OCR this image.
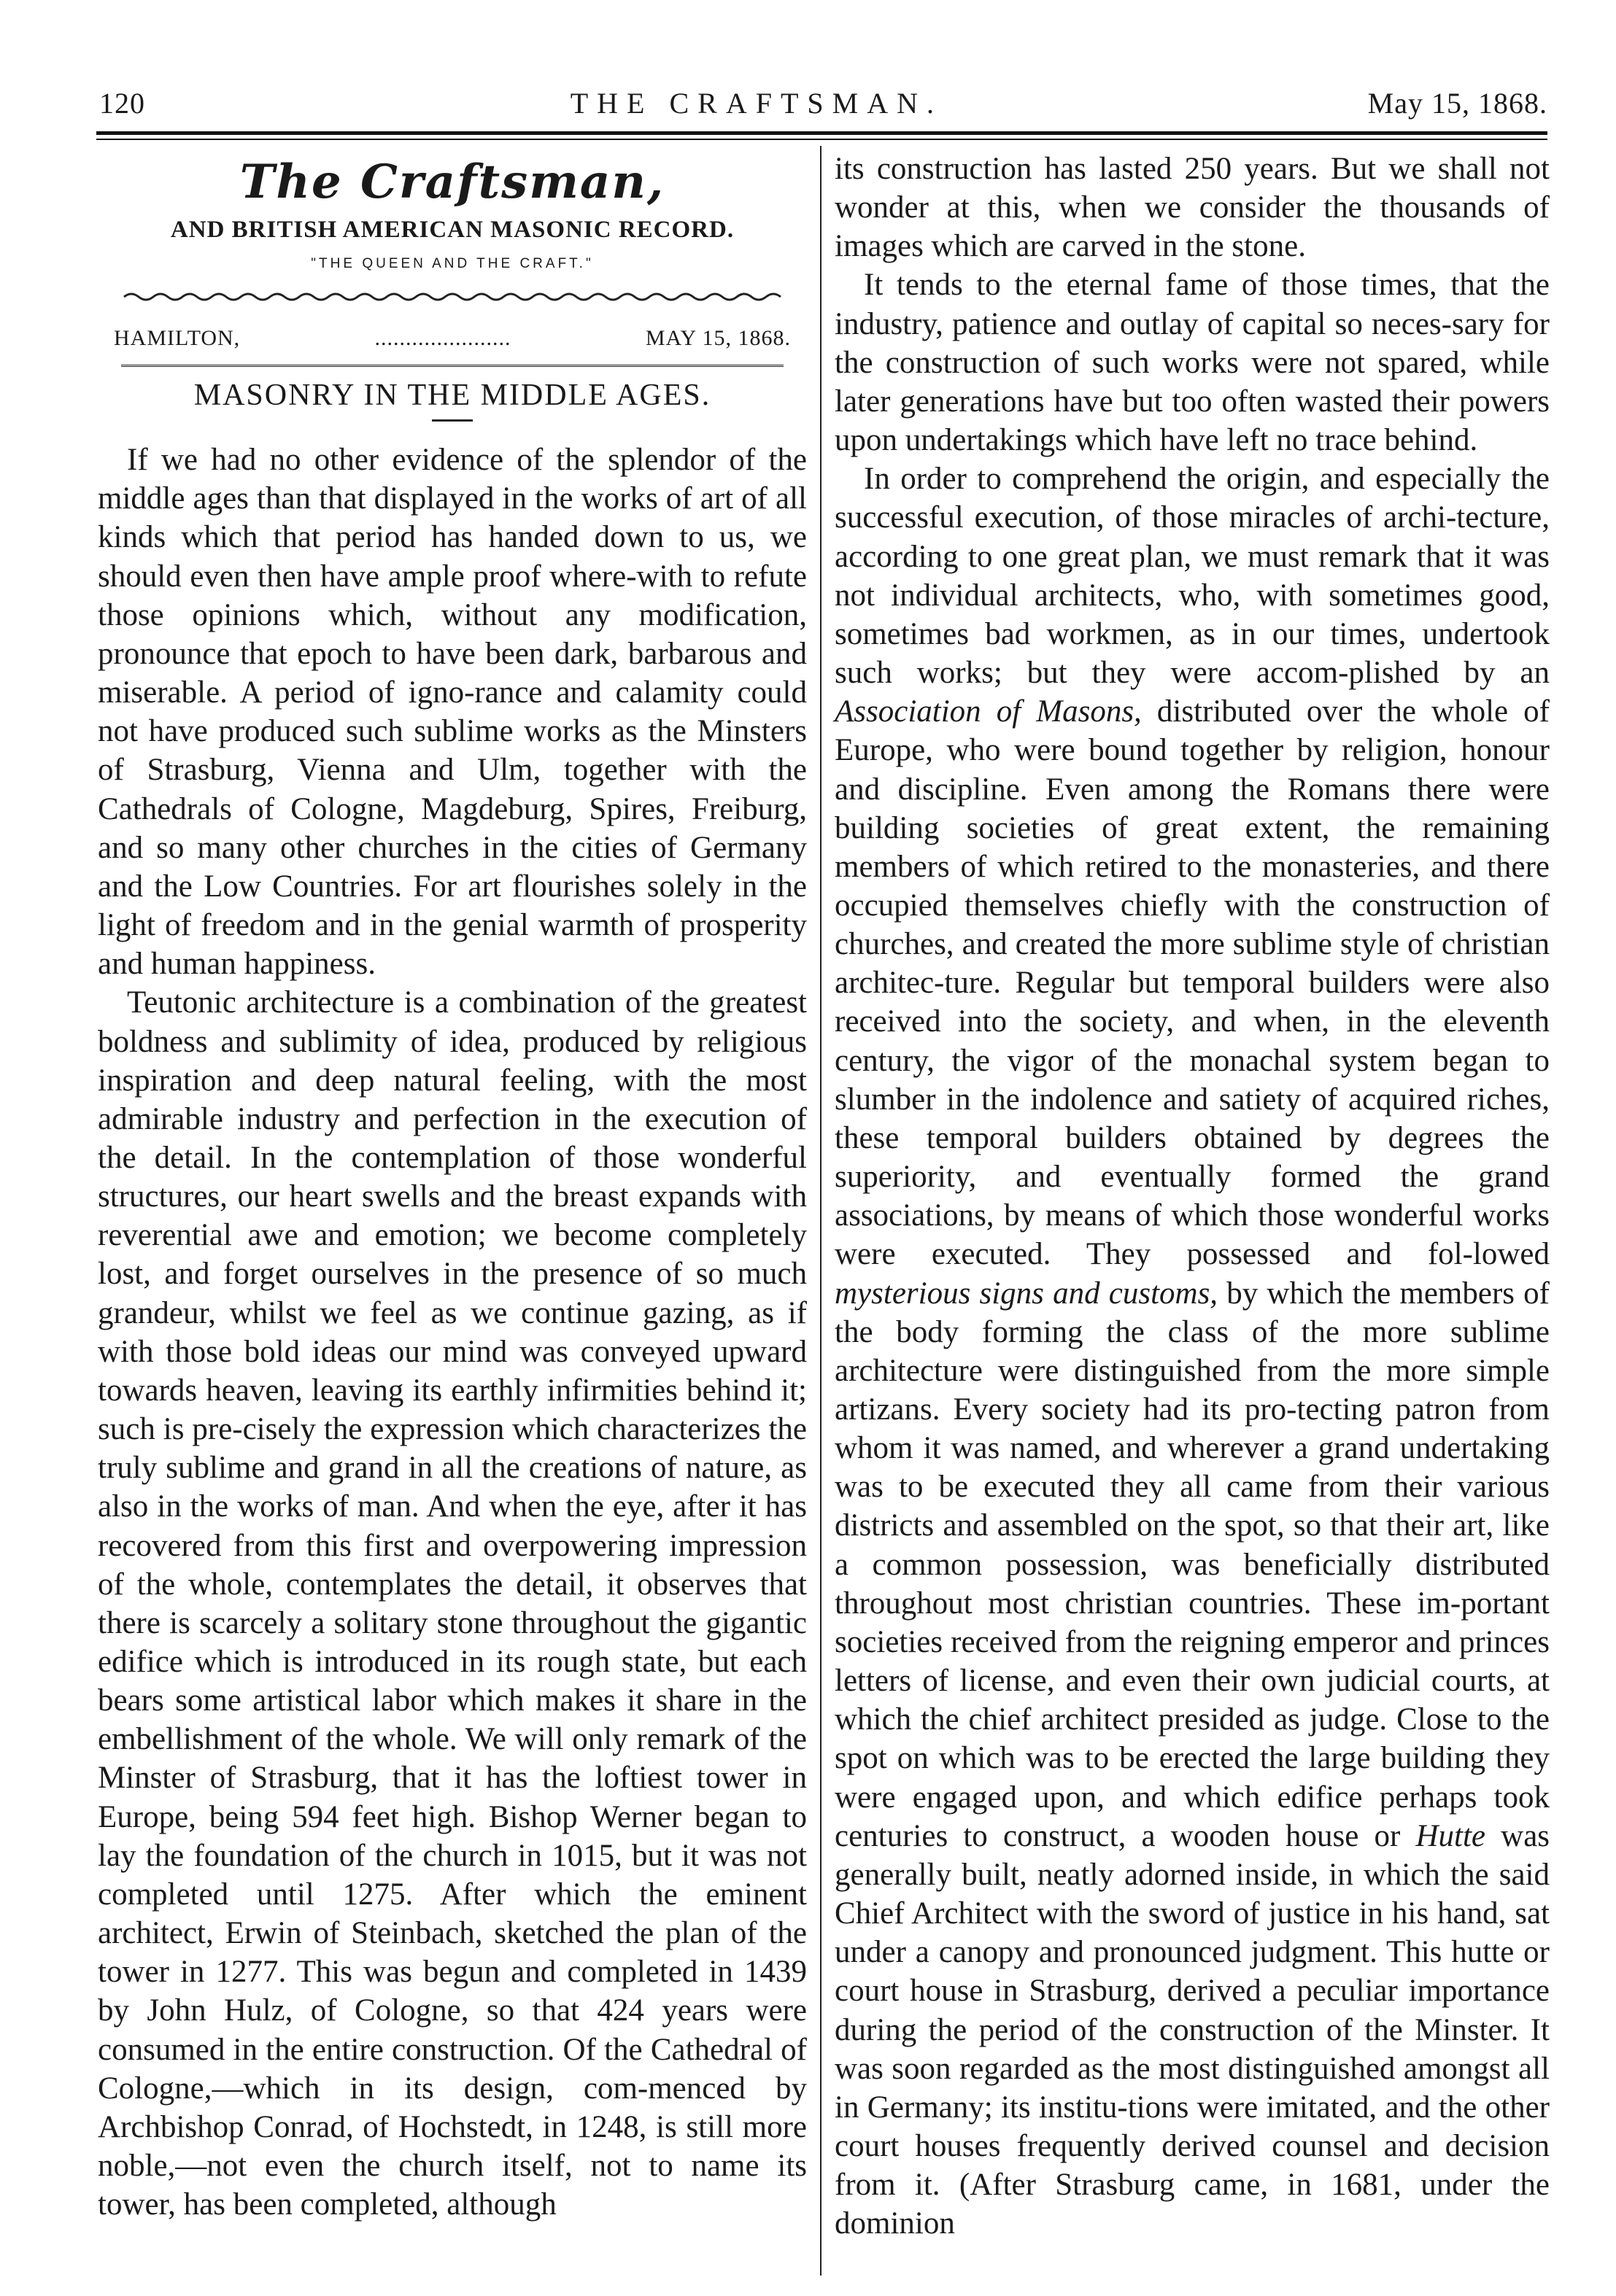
120	THE CRAFTSMAN.	May 15, 1868.
The Craftsman,
AND BRITISH AMERICAN MASONIC RECORD.
"THE QUEEN AND THE CRAFT."
HAMILTON,	......................	MAY 15, 1868.
MASONRY IN THE MIDDLE AGES.

If we had no other evidence of the splendor of the middle ages than that displayed in the works of art of all kinds which that period has handed down to us, we should even then have ample proof where-with to refute those opinions which, without any modification, pronounce that epoch to have been dark, barbarous and miserable. A period of igno-rance and calamity could not have produced such sublime works as the Minsters of Strasburg, Vienna and Ulm, together with the Cathedrals of Cologne, Magdeburg, Spires, Freiburg, and so many other churches in the cities of Germany and the Low Countries. For art flourishes solely in the light of freedom and in the genial warmth of prosperity and human happiness.

Teutonic architecture is a combination of the greatest boldness and sublimity of idea, produced by religious inspiration and deep natural feeling, with the most admirable industry and perfection in the execution of the detail. In the contemplation of those wonderful structures, our heart swells and the breast expands with reverential awe and emotion; we become completely lost, and forget ourselves in the presence of so much grandeur, whilst we feel as we continue gazing, as if with those bold ideas our mind was conveyed upward towards heaven, leaving its earthly infirmities behind it; such is pre-cisely the expression which characterizes the truly sublime and grand in all the creations of nature, as also in the works of man. And when the eye, after it has recovered from this first and overpowering impression of the whole, contemplates the detail, it observes that there is scarcely a solitary stone throughout the gigantic edifice which is introduced in its rough state, but each bears some artistical labor which makes it share in the embellishment of the whole. We will only remark of the Minster of Strasburg, that it has the loftiest tower in Europe, being 594 feet high. Bishop Werner began to lay the foundation of the church in 1015, but it was not completed until 1275. After which the eminent architect, Erwin of Steinbach, sketched the plan of the tower in 1277. This was begun and completed in 1439 by John Hulz, of Cologne, so that 424 years were consumed in the entire construction. Of the Cathedral of Cologne,—which in its design, com-menced by Archbishop Conrad, of Hochstedt, in 1248, is still more noble,—not even the church itself, not to name its tower, has been completed, although

its construction has lasted 250 years. But we shall not wonder at this, when we consider the thousands of images which are carved in the stone.

It tends to the eternal fame of those times, that the industry, patience and outlay of capital so neces-sary for the construction of such works were not spared, while later generations have but too often wasted their powers upon undertakings which have left no trace behind.

In order to comprehend the origin, and especially the successful execution, of those miracles of archi-tecture, according to one great plan, we must remark that it was not individual architects, who, with sometimes good, sometimes bad workmen, as in our times, undertook such works; but they were accom-plished by an Association of Masons, distributed over the whole of Europe, who were bound together by religion, honour and discipline. Even among the Romans there were building societies of great extent, the remaining members of which retired to the monasteries, and there occupied themselves chiefly with the construction of churches, and created the more sublime style of christian architec-ture. Regular but temporal builders were also received into the society, and when, in the eleventh century, the vigor of the monachal system began to slumber in the indolence and satiety of acquired riches, these temporal builders obtained by degrees the superiority, and eventually formed the grand associations, by means of which those wonderful works were executed. They possessed and fol-lowed mysterious signs and customs, by which the members of the body forming the class of the more sublime architecture were distinguished from the more simple artizans. Every society had its pro-tecting patron from whom it was named, and wherever a grand undertaking was to be executed they all came from their various districts and assembled on the spot, so that their art, like a common possession, was beneficially distributed throughout most christian countries. These im-portant societies received from the reigning emperor and princes letters of license, and even their own judicial courts, at which the chief architect presided as judge. Close to the spot on which was to be erected the large building they were engaged upon, and which edifice perhaps took centuries to construct, a wooden house or Hutte was generally built, neatly adorned inside, in which the said Chief Architect with the sword of justice in his hand, sat under a canopy and pronounced judgment. This hutte or court house in Strasburg, derived a peculiar importance during the period of the construction of the Minster. It was soon regarded as the most distinguished amongst all in Germany; its institu-tions were imitated, and the other court houses frequently derived counsel and decision from it. (After Strasburg came, in 1681, under the dominion
